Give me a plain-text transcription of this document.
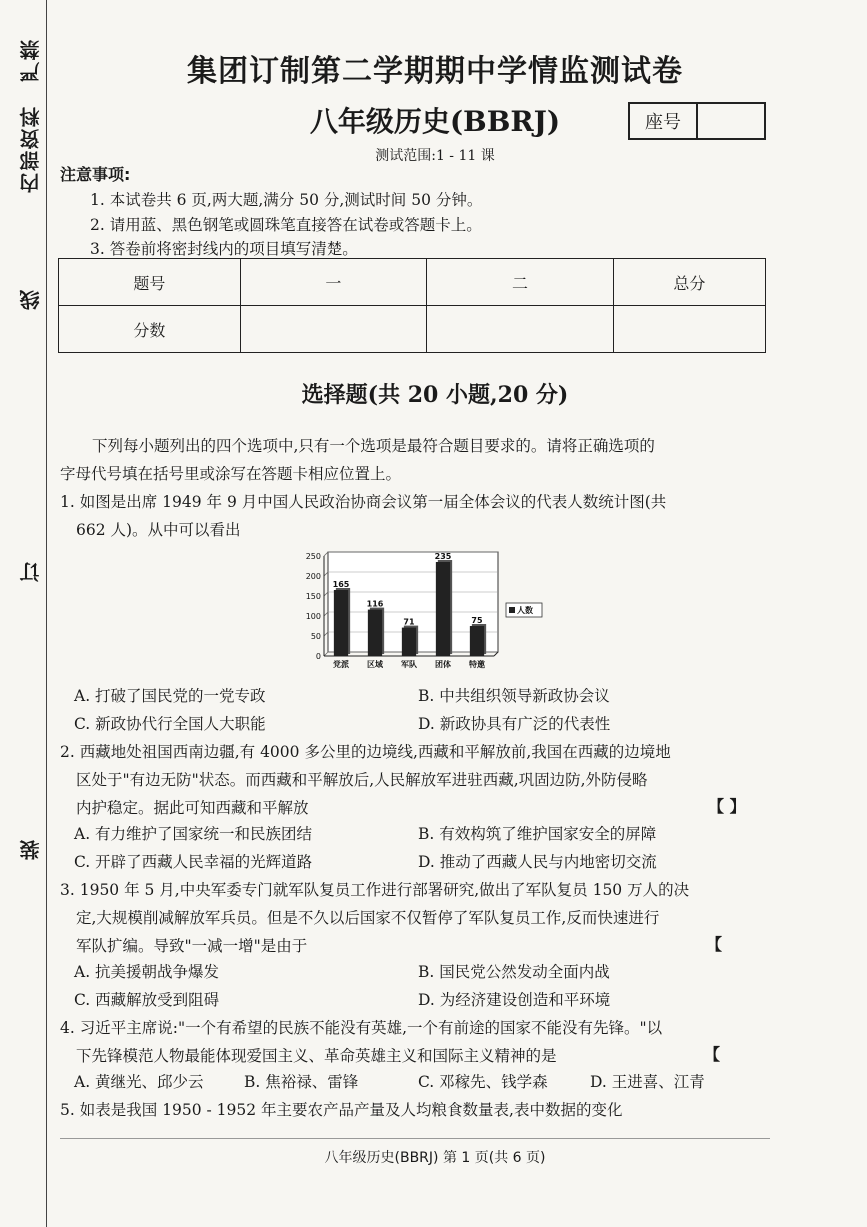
严禁
内部资料
线
订
装
集团订制第二学期期中学情监测试卷
八年级历史(BBRJ)	座号
测试范围:1 - 11 课
注意事项:
1. 本试卷共 6 页,两大题,满分 50 分,测试时间 50 分钟。
2. 请用蓝、黑色钢笔或圆珠笔直接答在试卷或答题卡上。
3. 答卷前将密封线内的项目填写清楚。
题号	一	二	总分
分数			
选择题(共 20 小题,20 分)
下列每小题列出的四个选项中,只有一个选项是最符合题目要求的。请将正确选项的
字母代号填在括号里或涂写在答题卡相应位置上。
1. 如图是出席 1949 年 9 月中国人民政治协商会议第一届全体会议的代表人数统计图(共
662 人)。从中可以看出
0
50
100
150
200
250
165
党派
116
区域
71
军队
235
团体
75
特邀
人数
A. 打破了国民党的一党专政	B. 中共组织领导新政协会议
C. 新政协代行全国人大职能	D. 新政协具有广泛的代表性
2. 西藏地处祖国西南边疆,有 4000 多公里的边境线,西藏和平解放前,我国在西藏的边境地
区处于"有边无防"状态。而西藏和平解放后,人民解放军进驻西藏,巩固边防,外防侵略
内护稳定。据此可知西藏和平解放	【 】
A. 有力维护了国家统一和民族团结	B. 有效构筑了维护国家安全的屏障
C. 开辟了西藏人民幸福的光辉道路	D. 推动了西藏人民与内地密切交流
3. 1950 年 5 月,中央军委专门就军队复员工作进行部署研究,做出了军队复员 150 万人的决
定,大规模削减解放军兵员。但是不久以后国家不仅暂停了军队复员工作,反而快速进行
军队扩编。导致"一减一增"是由于	【
A. 抗美援朝战争爆发	B. 国民党公然发动全面内战
C. 西藏解放受到阻碍	D. 为经济建设创造和平环境
4. 习近平主席说:"一个有希望的民族不能没有英雄,一个有前途的国家不能没有先锋。"以
下先锋模范人物最能体现爱国主义、革命英雄主义和国际主义精神的是	【
A. 黄继光、邱少云	B. 焦裕禄、雷锋	C. 邓稼先、钱学森	D. 王进喜、江青
5. 如表是我国 1950 - 1952 年主要农产品产量及人均粮食数量表,表中数据的变化
八年级历史(BBRJ) 第 1 页(共 6 页)
